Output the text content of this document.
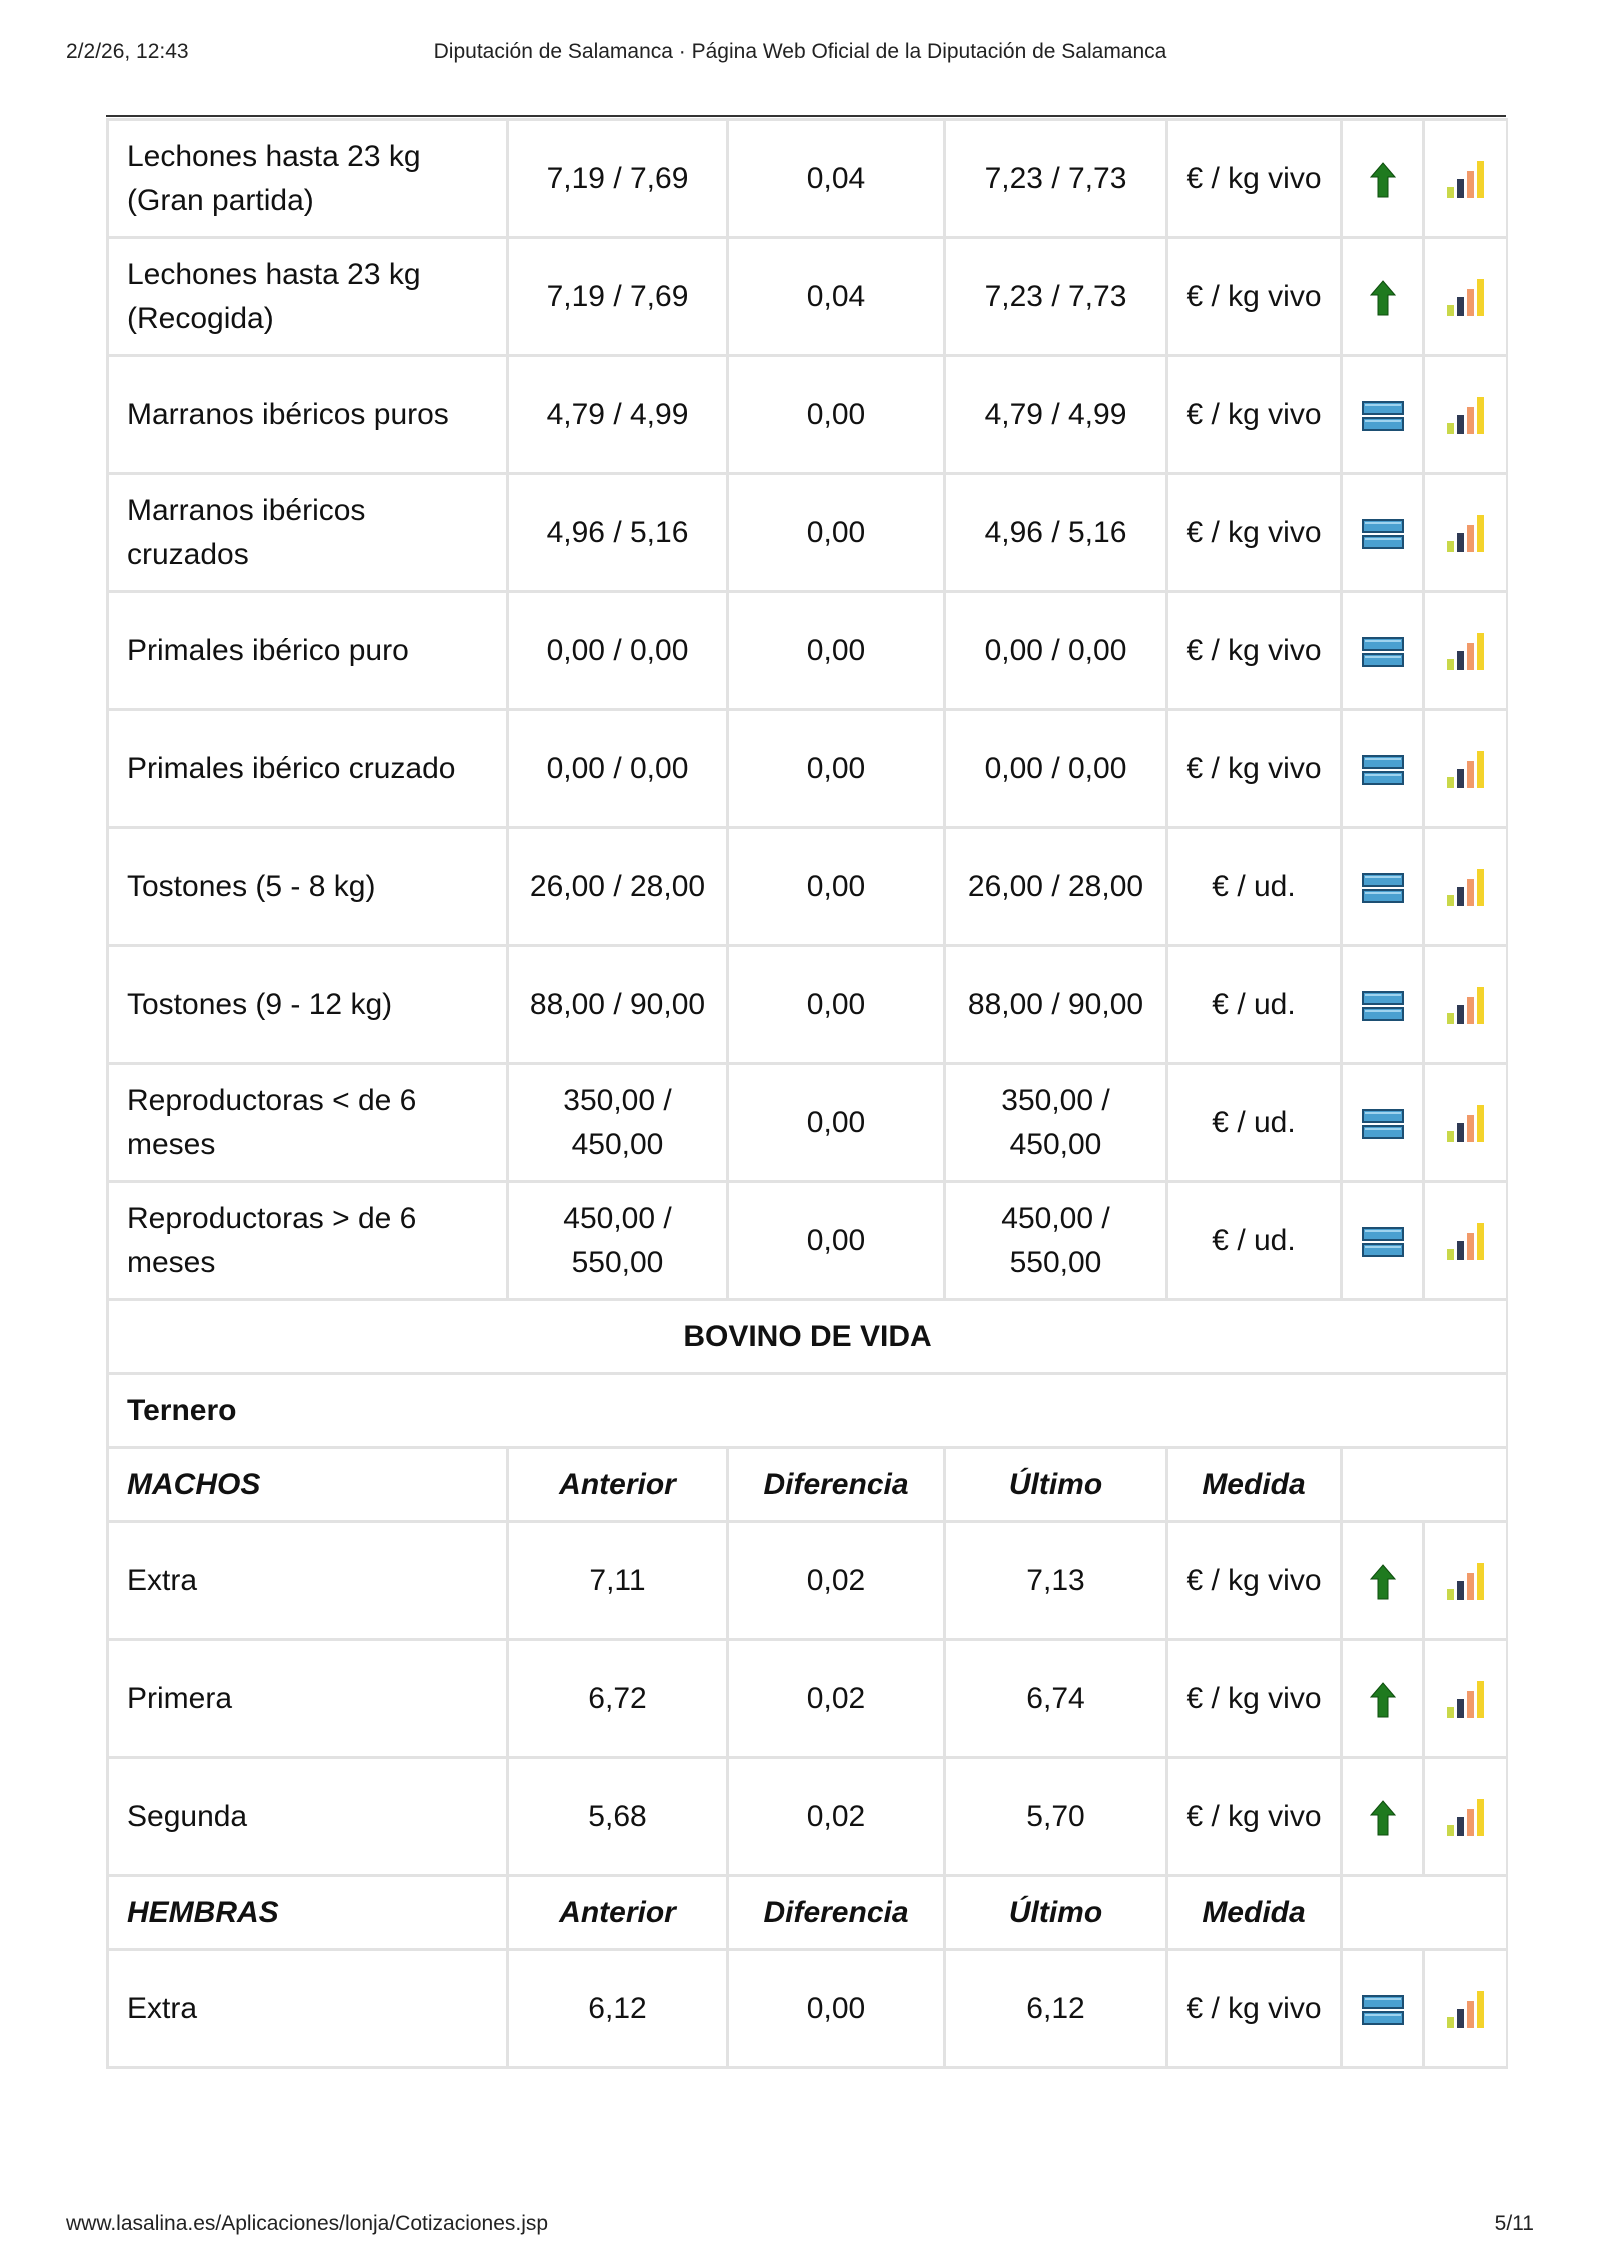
2/2/26, 12:43	Diputación de Salamanca · Página Web Oficial de la Diputación de Salamanca
Lechones hasta 23 kg (Gran partida)	7,19 / 7,69	0,04	7,23 / 7,73	€ / kg vivo		

Lechones hasta 23 kg (Recogida)	7,19 / 7,69	0,04	7,23 / 7,73	€ / kg vivo		

Marranos ibéricos puros	4,79 / 4,99	0,00	4,79 / 4,99	€ / kg vivo		

Marranos ibéricos cruzados	4,96 / 5,16	0,00	4,96 / 5,16	€ / kg vivo		

Primales ibérico puro	0,00 / 0,00	0,00	0,00 / 0,00	€ / kg vivo		

Primales ibérico cruzado	0,00 / 0,00	0,00	0,00 / 0,00	€ / kg vivo		

Tostones (5 - 8 kg)	26,00 / 28,00	0,00	26,00 / 28,00	€ / ud.		

Tostones (9 - 12 kg)	88,00 / 90,00	0,00	88,00 / 90,00	€ / ud.		

Reproductoras < de 6 meses	350,00 / 450,00	0,00	350,00 / 450,00	€ / ud.		

Reproductoras > de 6 meses	450,00 / 550,00	0,00	450,00 / 550,00	€ / ud.		

BOVINO DE VIDA						
Ternero						
MACHOS	Anterior	Diferencia	Último	Medida		
Extra	7,11	0,02	7,13	€ / kg vivo		

Primera	6,72	0,02	6,74	€ / kg vivo		

Segunda	5,68	0,02	5,70	€ / kg vivo		

HEMBRAS	Anterior	Diferencia	Último	Medida		
Extra	6,12	0,00	6,12	€ / kg vivo		
www.lasalina.es/Aplicaciones/lonja/Cotizaciones.jsp	5/11
